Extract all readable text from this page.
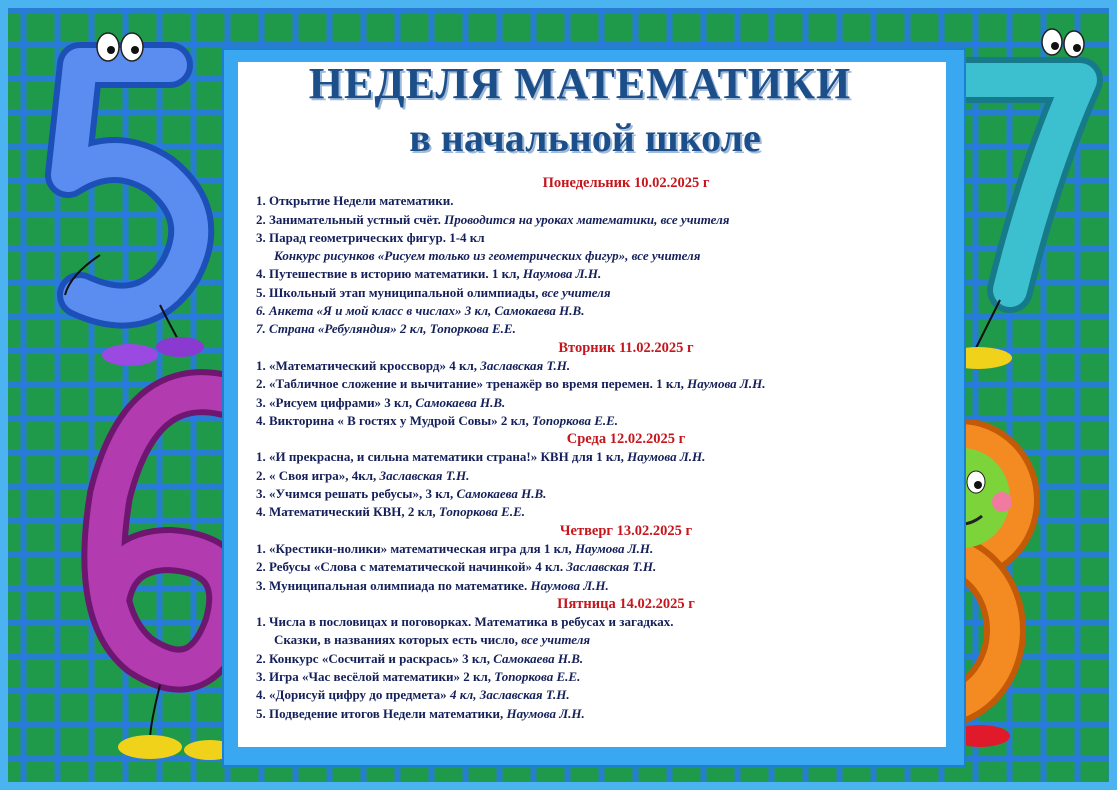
НЕДЕЛЯ МАТЕМАТИКИ
в начальной школе
Понедельник 10.02.2025 г
1. Открытие Недели математики.
2. Занимательный устный счёт. Проводится на уроках математики, все учителя
3. Парад геометрических фигур. 1-4 кл
Конкурс рисунков «Рисуем только из геометрических фигур», все учителя
4. Путешествие в историю математики. 1 кл, Наумова Л.Н.
5. Школьный этап муниципальной олимпиады, все учителя
6. Анкета «Я и мой класс в числах» 3 кл, Самокаева Н.В.
7. Страна «Ребуляндия» 2 кл, Топоркова Е.Е.
Вторник 11.02.2025 г
1. «Математический кроссворд» 4 кл, Заславская Т.Н.
2. «Табличное сложение и вычитание» тренажёр во время перемен. 1 кл, Наумова Л.Н.
3. «Рисуем цифрами» 3 кл, Самокаева Н.В.
4. Викторина « В гостях у Мудрой Совы» 2 кл, Топоркова Е.Е.
Среда 12.02.2025 г
1. «И прекрасна, и сильна математики страна!» КВН для 1 кл, Наумова Л.Н.
2. « Своя игра», 4кл, Заславская Т.Н.
3. «Учимся решать ребусы», 3 кл, Самокаева Н.В.
4. Математический КВН, 2 кл, Топоркова Е.Е.
Четверг 13.02.2025 г
1. «Крестики-нолики» математическая игра для 1 кл, Наумова Л.Н.
2. Ребусы «Слова с математической начинкой» 4 кл. Заславская Т.Н.
3. Муниципальная олимпиада по математике. Наумова Л.Н.
Пятница 14.02.2025 г
1. Числа в пословицах и поговорках. Математика в ребусах и загадках.
Сказки, в названиях которых есть число, все учителя
2. Конкурс «Сосчитай и раскрась» 3 кл, Самокаева Н.В.
3. Игра «Час весёлой математики» 2 кл, Топоркова Е.Е.
4. «Дорисуй цифру до предмета» 4 кл, Заславская Т.Н.
5. Подведение итогов Недели математики, Наумова Л.Н.
